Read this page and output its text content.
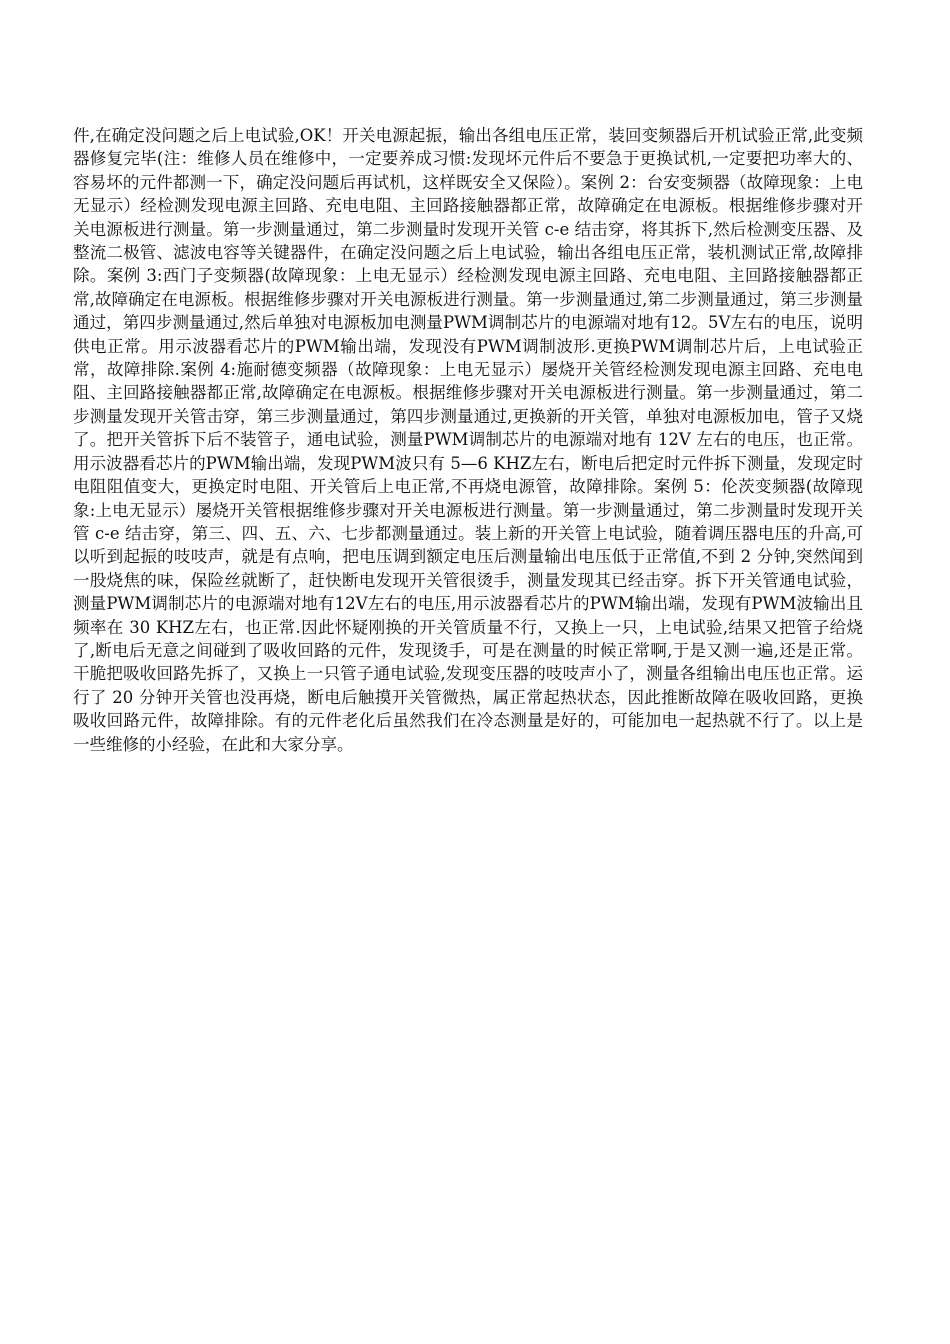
件,在确定没问题之后上电试验,OK！开关电源起振，输出各组电压正常，装回变频器后开机试验正常,此变频器修复完毕(注：维修人员在维修中，一定要养成习惯:发现坏元件后不要急于更换试机,一定要把功率大的、容易坏的元件都测一下，确定没问题后再试机，这样既安全又保险）。案例 2：台安变频器（故障现象：上电无显示）经检测发现电源主回路、充电电阻、主回路接触器都正常，故障确定在电源板。根据维修步骤对开关电源板进行测量。第一步测量通过，第二步测量时发现开关管 c-e 结击穿，将其拆下,然后检测变压器、及整流二极管、滤波电容等关键器件，在确定没问题之后上电试验，输出各组电压正常，装机测试正常,故障排除。案例 3:西门子变频器(故障现象：上电无显示）经检测发现电源主回路、充电电阻、主回路接触器都正常,故障确定在电源板。根据维修步骤对开关电源板进行测量。第一步测量通过,第二步测量通过，第三步测量通过，第四步测量通过,然后单独对电源板加电测量PWM调制芯片的电源端对地有12。5V左右的电压，说明供电正常。用示波器看芯片的PWM输出端，发现没有PWM调制波形.更换PWM调制芯片后，上电试验正常，故障排除.案例 4:施耐德变频器（故障现象：上电无显示）屡烧开关管经检测发现电源主回路、充电电阻、主回路接触器都正常,故障确定在电源板。根据维修步骤对开关电源板进行测量。第一步测量通过，第二步测量发现开关管击穿，第三步测量通过，第四步测量通过,更换新的开关管，单独对电源板加电，管子又烧了。把开关管拆下后不装管子，通电试验，测量PWM调制芯片的电源端对地有 12V 左右的电压，也正常。用示波器看芯片的PWM输出端，发现PWM波只有 5—6 KHZ左右，断电后把定时元件拆下测量，发现定时电阻阻值变大，更换定时电阻、开关管后上电正常,不再烧电源管，故障排除。案例 5：伦茨变频器(故障现象:上电无显示）屡烧开关管根据维修步骤对开关电源板进行测量。第一步测量通过，第二步测量时发现开关管 c-e 结击穿，第三、四、五、六、七步都测量通过。装上新的开关管上电试验，随着调压器电压的升高,可以听到起振的吱吱声，就是有点响，把电压调到额定电压后测量输出电压低于正常值,不到 2 分钟,突然闻到一股烧焦的味，保险丝就断了，赶快断电发现开关管很烫手，测量发现其已经击穿。拆下开关管通电试验，测量PWM调制芯片的电源端对地有12V左右的电压,用示波器看芯片的PWM输出端，发现有PWM波输出且频率在 30 KHZ左右，也正常.因此怀疑刚换的开关管质量不行，又换上一只，上电试验,结果又把管子给烧了,断电后无意之间碰到了吸收回路的元件，发现烫手，可是在测量的时候正常啊,于是又测一遍,还是正常。干脆把吸收回路先拆了，又换上一只管子通电试验,发现变压器的吱吱声小了，测量各组输出电压也正常。运行了 20 分钟开关管也没再烧，断电后触摸开关管微热，属正常起热状态，因此推断故障在吸收回路，更换吸收回路元件，故障排除。有的元件老化后虽然我们在冷态测量是好的，可能加电一起热就不行了。以上是一些维修的小经验，在此和大家分享。
